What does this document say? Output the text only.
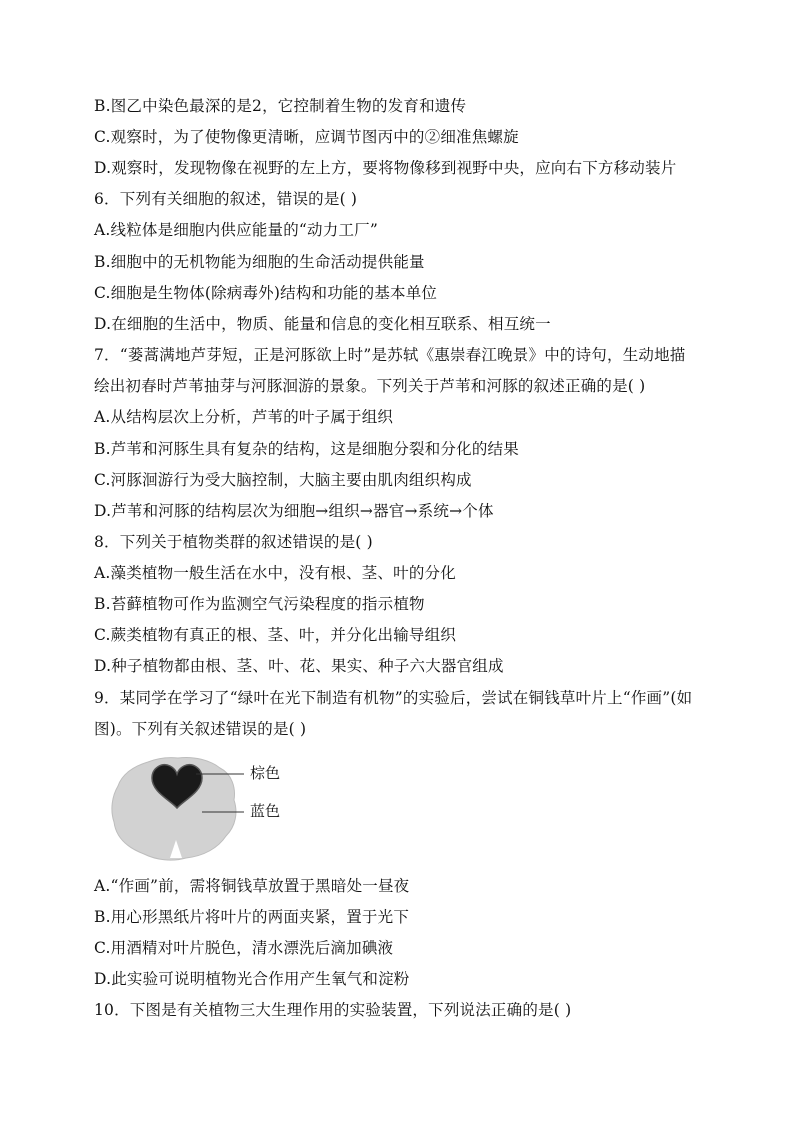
B.图乙中染色最深的是2，它控制着生物的发育和遗传
C.观察时，为了使物像更清晰，应调节图丙中的②细准焦螺旋
D.观察时，发现物像在视野的左上方，要将物像移到视野中央，应向右下方移动装片
6．下列有关细胞的叙述，错误的是( )
A.线粒体是细胞内供应能量的“动力工厂”
B.细胞中的无机物能为细胞的生命活动提供能量
C.细胞是生物体(除病毒外)结构和功能的基本单位
D.在细胞的生活中，物质、能量和信息的变化相互联系、相互统一
7．“蒌蒿满地芦芽短，正是河豚欲上时”是苏轼《惠崇春江晚景》中的诗句，生动地描
绘出初春时芦苇抽芽与河豚洄游的景象。下列关于芦苇和河豚的叙述正确的是( )
A.从结构层次上分析，芦苇的叶子属于组织
B.芦苇和河豚生具有复杂的结构，这是细胞分裂和分化的结果
C.河豚洄游行为受大脑控制，大脑主要由肌肉组织构成
D.芦苇和河豚的结构层次为细胞→组织→器官→系统→个体
8．下列关于植物类群的叙述错误的是( )
A.藻类植物一般生活在水中，没有根、茎、叶的分化
B.苔藓植物可作为监测空气污染程度的指示植物
C.蕨类植物有真正的根、茎、叶，并分化出输导组织
D.种子植物都由根、茎、叶、花、果实、种子六大器官组成
9．某同学在学习了“绿叶在光下制造有机物”的实验后，尝试在铜钱草叶片上“作画”(如
图)。下列有关叙述错误的是( )
棕色
蓝色
A.“作画”前，需将铜钱草放置于黑暗处一昼夜
B.用心形黑纸片将叶片的两面夹紧，置于光下
C.用酒精对叶片脱色，清水漂洗后滴加碘液
D.此实验可说明植物光合作用产生氧气和淀粉
10．下图是有关植物三大生理作用的实验装置，下列说法正确的是( )
